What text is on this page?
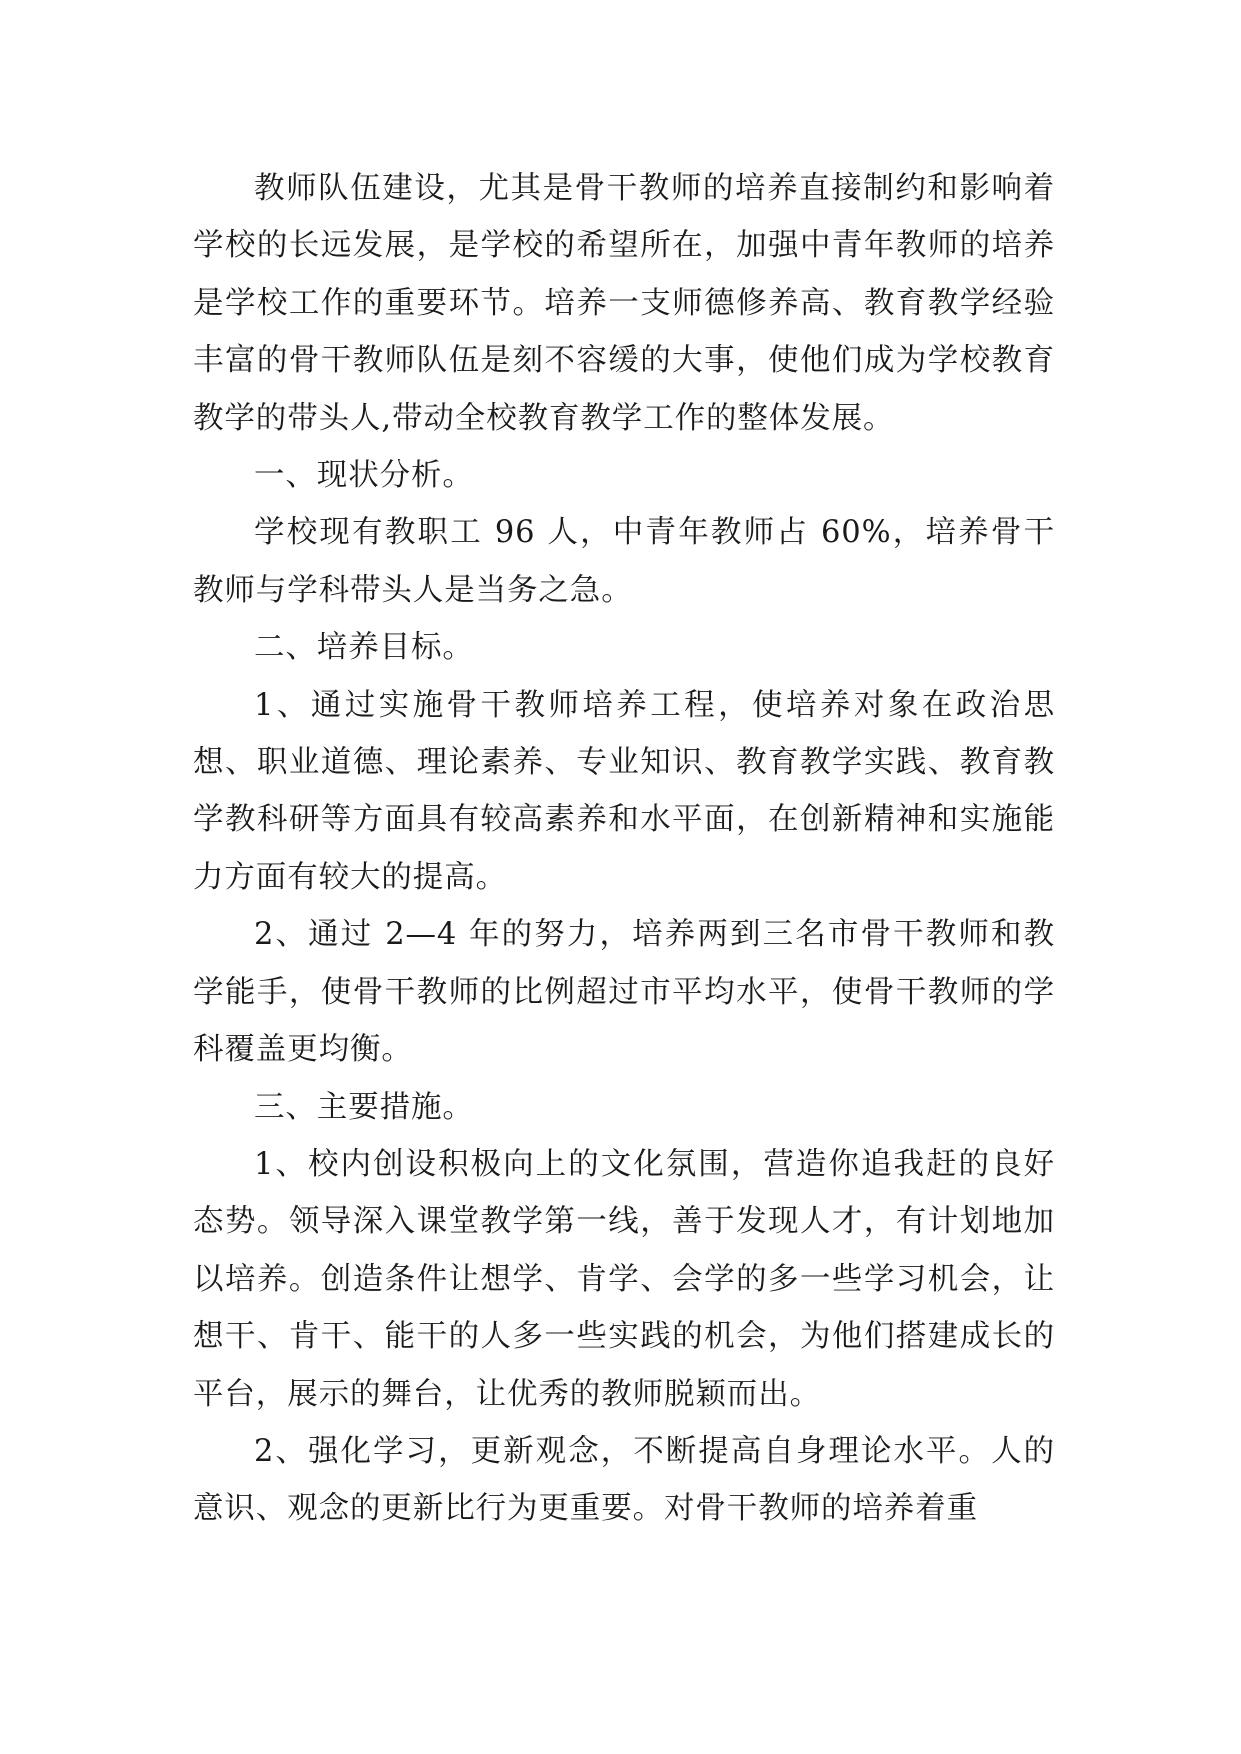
教师队伍建设，尤其是骨干教师的培养直接制约和影响着学校的长远发展，是学校的希望所在，加强中青年教师的培养是学校工作的重要环节。培养一支师德修养高、教育教学经验丰富的骨干教师队伍是刻不容缓的大事，使他们成为学校教育教学的带头人,带动全校教育教学工作的整体发展。

一、现状分析。

学校现有教职工 96 人，中青年教师占 60%，培养骨干教师与学科带头人是当务之急。

二、培养目标。

1、通过实施骨干教师培养工程，使培养对象在政治思想、职业道德、理论素养、专业知识、教育教学实践、教育教学教科研等方面具有较高素养和水平面，在创新精神和实施能力方面有较大的提高。

2、通过 2—4 年的努力，培养两到三名市骨干教师和教学能手，使骨干教师的比例超过市平均水平，使骨干教师的学科覆盖更均衡。

三、主要措施。

1、校内创设积极向上的文化氛围，营造你追我赶的良好态势。领导深入课堂教学第一线，善于发现人才，有计划地加以培养。创造条件让想学、肯学、会学的多一些学习机会，让想干、肯干、能干的人多一些实践的机会，为他们搭建成长的平台，展示的舞台，让优秀的教师脱颖而出。

2、强化学习，更新观念，不断提高自身理论水平。人的意识、观念的更新比行为更重要。对骨干教师的培养着重
